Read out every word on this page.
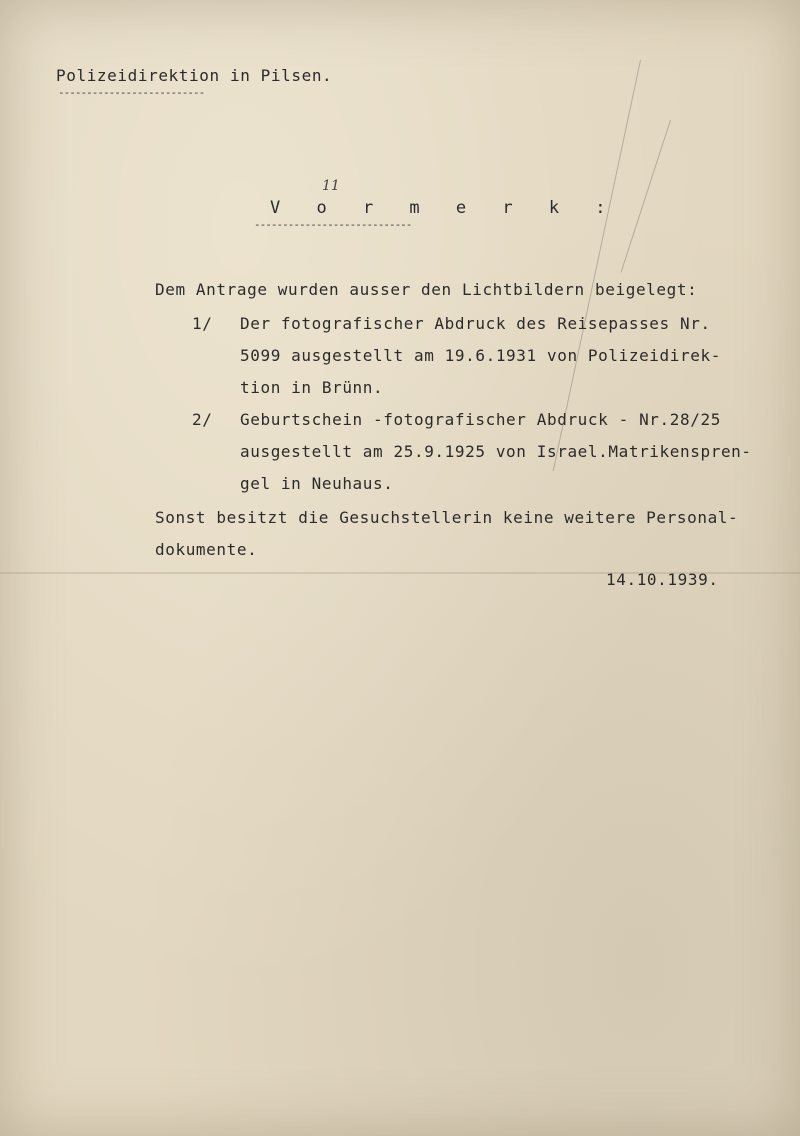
Polizeidirektion in Pilsen.
--------------------------
11
V o r m e r k :
----------------------------
Dem Antrage wurden ausser den Lichtbildern beigelegt:
1/ Der fotografischer Abdruck des Reisepasses Nr.
5099 ausgestellt am 19.6.1931 von Polizeidirek-
tion in Brünn.
2/ Geburtschein -fotografischer Abdruck - Nr.28/25
ausgestellt am 25.9.1925 von Israel.Matrikenspren-
gel in Neuhaus.
Sonst besitzt die Gesuchstellerin keine weitere Personal-
dokumente.
14.10.1939.
